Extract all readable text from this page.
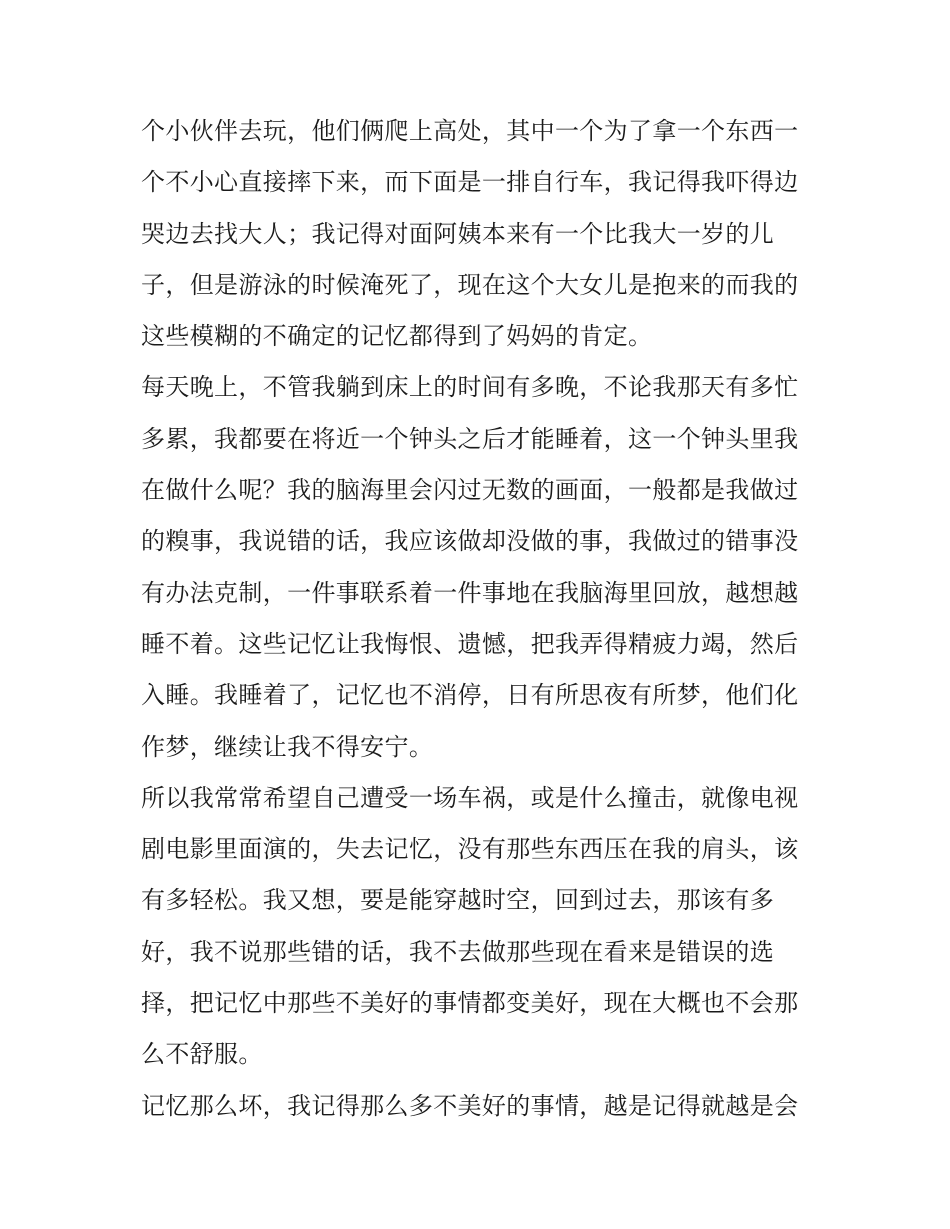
个小伙伴去玩，他们俩爬上高处，其中一个为了拿一个东西一
个不小心直接摔下来，而下面是一排自行车，我记得我吓得边
哭边去找大人；我记得对面阿姨本来有一个比我大一岁的儿
子，但是游泳的时候淹死了，现在这个大女儿是抱来的而我的
这些模糊的不确定的记忆都得到了妈妈的肯定。
每天晚上，不管我躺到床上的时间有多晚，不论我那天有多忙
多累，我都要在将近一个钟头之后才能睡着，这一个钟头里我
在做什么呢？我的脑海里会闪过无数的画面，一般都是我做过
的糗事，我说错的话，我应该做却没做的事，我做过的错事没
有办法克制，一件事联系着一件事地在我脑海里回放，越想越
睡不着。这些记忆让我悔恨、遗憾，把我弄得精疲力竭，然后
入睡。我睡着了，记忆也不消停，日有所思夜有所梦，他们化
作梦，继续让我不得安宁。
所以我常常希望自己遭受一场车祸，或是什么撞击，就像电视
剧电影里面演的，失去记忆，没有那些东西压在我的肩头，该
有多轻松。我又想，要是能穿越时空，回到过去，那该有多
好，我不说那些错的话，我不去做那些现在看来是错误的选
择，把记忆中那些不美好的事情都变美好，现在大概也不会那
么不舒服。
记忆那么坏，我记得那么多不美好的事情，越是记得就越是会
